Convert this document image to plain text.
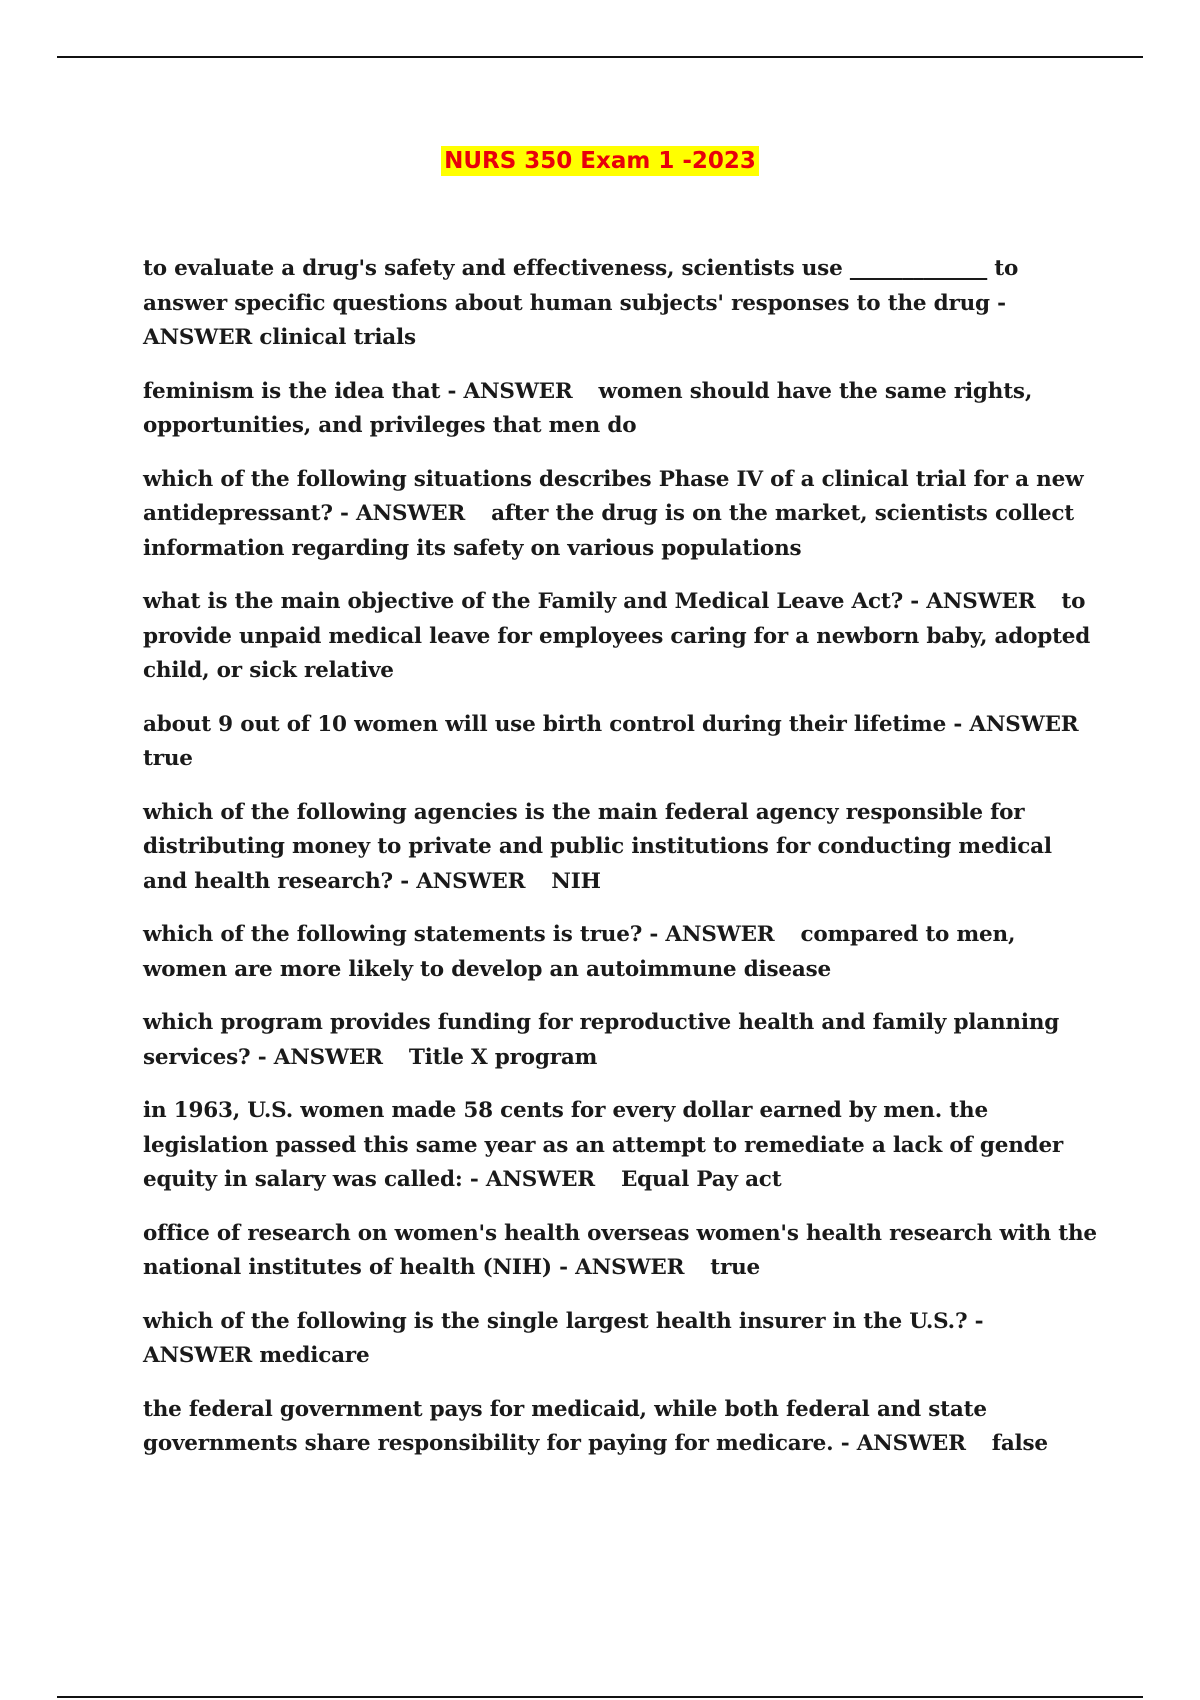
NURS 350 Exam 1 -2023

to evaluate a drug's safety and effectiveness, scientists use _____________ to answer specific questions about human subjects' responses to the drug - ANSWER clinical trials

feminism is the idea that - ANSWER women should have the same rights, opportunities, and privileges that men do

which of the following situations describes Phase IV of a clinical trial for a new antidepressant? - ANSWER after the drug is on the market, scientists collect information regarding its safety on various populations

what is the main objective of the Family and Medical Leave Act? - ANSWER to provide unpaid medical leave for employees caring for a newborn baby, adopted child, or sick relative

about 9 out of 10 women will use birth control during their lifetime - ANSWER true

which of the following agencies is the main federal agency responsible for distributing money to private and public institutions for conducting medical and health research? - ANSWER NIH

which of the following statements is true? - ANSWER compared to men, women are more likely to develop an autoimmune disease

which program provides funding for reproductive health and family planning services? - ANSWER Title X program

in 1963, U.S. women made 58 cents for every dollar earned by men. the legislation passed this same year as an attempt to remediate a lack of gender equity in salary was called: - ANSWER Equal Pay act

office of research on women's health overseas women's health research with the national institutes of health (NIH) - ANSWER true

which of the following is the single largest health insurer in the U.S.? - ANSWER medicare

the federal government pays for medicaid, while both federal and state governments share responsibility for paying for medicare. - ANSWER false
